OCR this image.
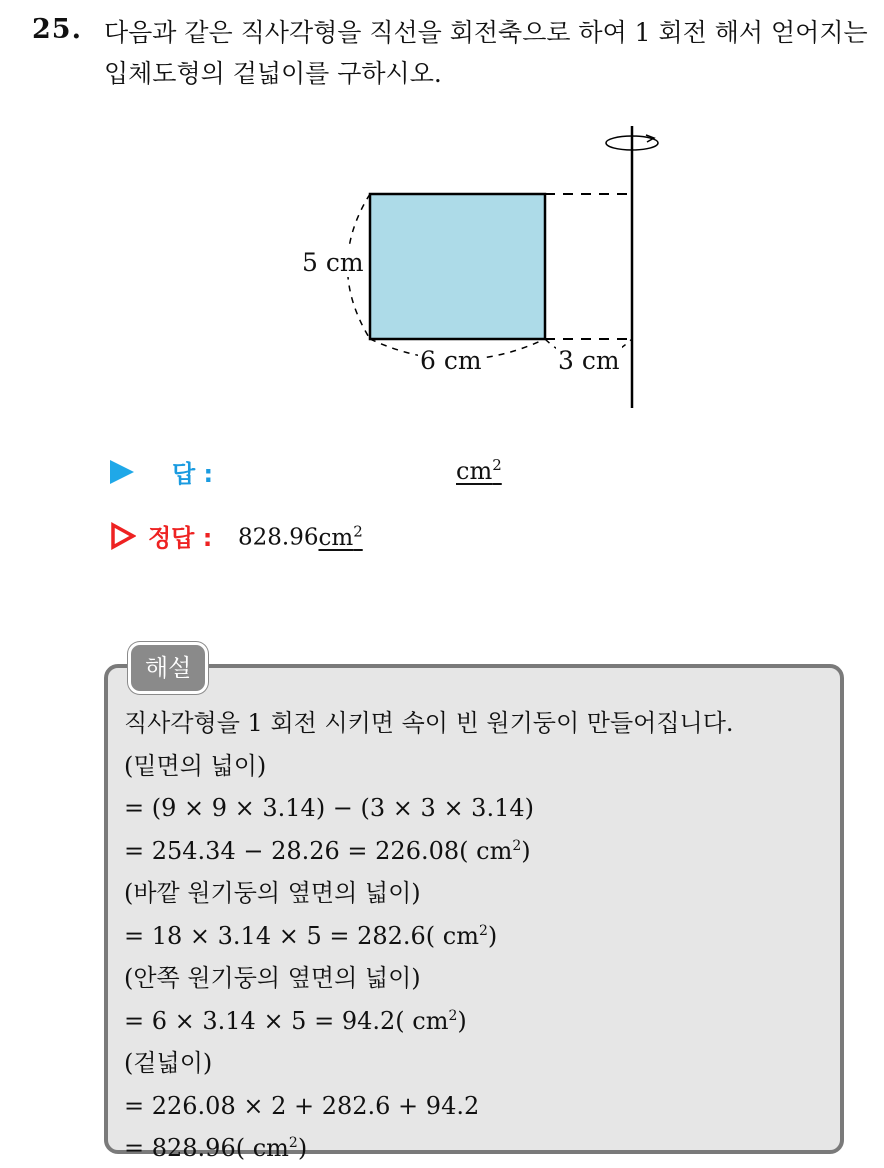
25. 다음과 같은 직사각형을 직선을 회전축으로 하여 1 회전 해서 얻어지는 입체도형의 겉넓이를 구하시오.
5 cm
6 cm	3 cm
답 :	$cm^2$
정답 : $828.96cm^2$
해설
직사각형을 1 회전 시키면 속이 빈 원기둥이 만들어집니다.
(밑면의 넓이)
= (9 × 9 × 3.14) − (3 × 3 × 3.14)
= 254.34 − 28.26 = 226.08( $cm^2$)
(바깥 원기둥의 옆면의 넓이)
= 18 × 3.14 × 5 = 282.6( $cm^2$)
(안쪽 원기둥의 옆면의 넓이)
= 6 × 3.14 × 5 = 94.2( $cm^2$)
(겉넓이)
= 226.08 × 2 + 282.6 + 94.2
= 828.96( $cm^2$)
